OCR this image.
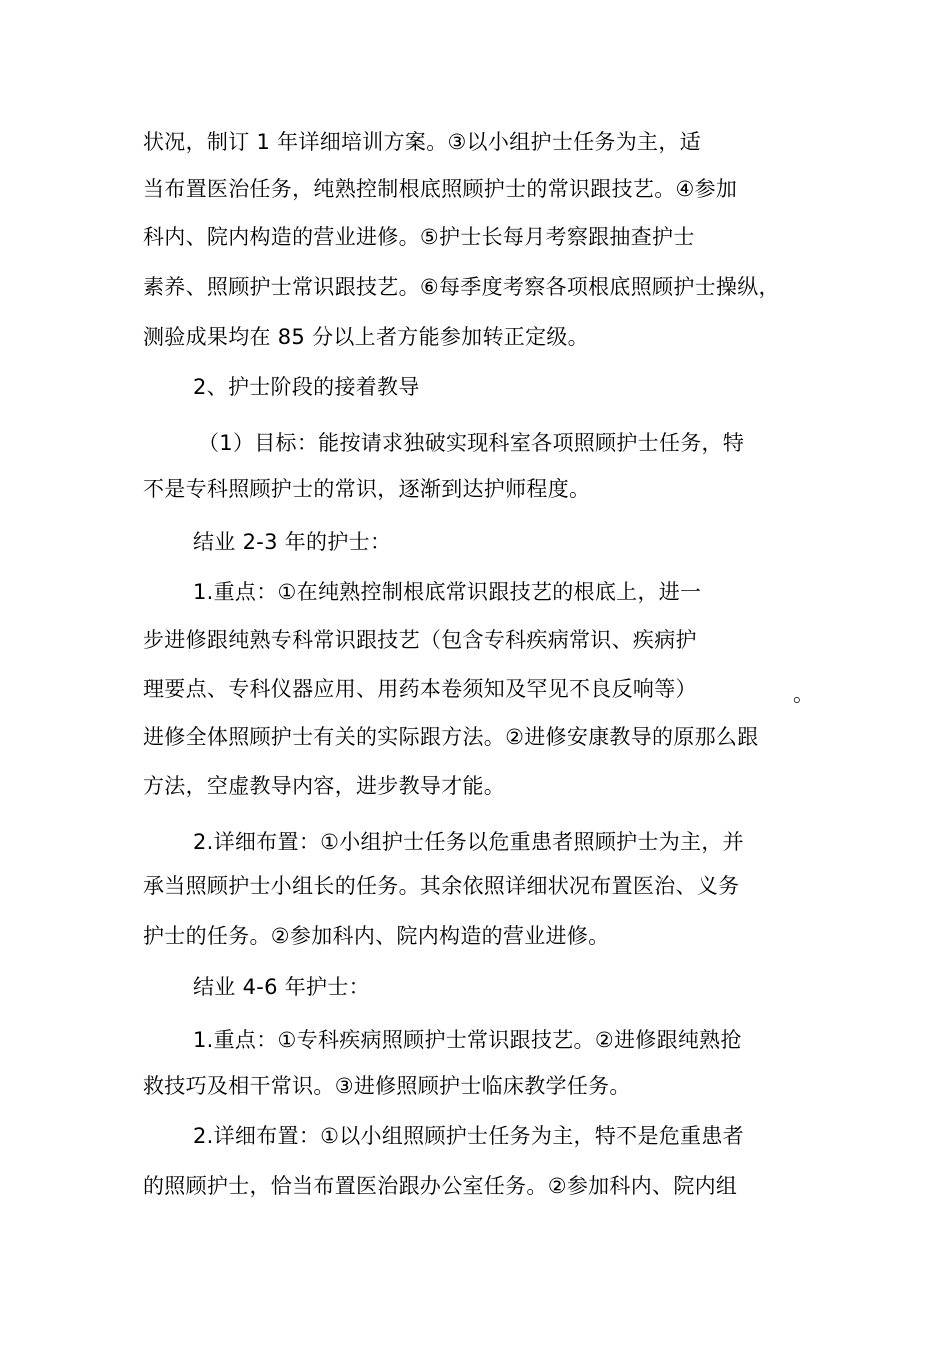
状况，制订 1 年详细培训方案。③以小组护士任务为主，适
当布置医治任务，纯熟控制根底照顾护士的常识跟技艺。④参加
科内、院内构造的营业进修。⑤护士长每月考察跟抽查护士
素养、照顾护士常识跟技艺。⑥每季度考察各项根底照顾护士操纵，
测验成果均在 85 分以上者方能参加转正定级。
2、护士阶段的接着教导
（1）目标：能按请求独破实现科室各项照顾护士任务，特
不是专科照顾护士的常识，逐渐到达护师程度。
结业 2-3 年的护士：
1.重点：①在纯熟控制根底常识跟技艺的根底上，进一
步进修跟纯熟专科常识跟技艺（包含专科疾病常识、疾病护
理要点、专科仪器应用、用药本卷须知及罕见不良反响等）	。
进修全体照顾护士有关的实际跟方法。②进修安康教导的原那么跟
方法，空虚教导内容，进步教导才能。
2.详细布置：①小组护士任务以危重患者照顾护士为主，并
承当照顾护士小组长的任务。其余依照详细状况布置医治、义务
护士的任务。②参加科内、院内构造的营业进修。
结业 4-6 年护士：
1.重点：①专科疾病照顾护士常识跟技艺。②进修跟纯熟抢
救技巧及相干常识。③进修照顾护士临床教学任务。
2.详细布置：①以小组照顾护士任务为主，特不是危重患者
的照顾护士，恰当布置医治跟办公室任务。②参加科内、院内组
